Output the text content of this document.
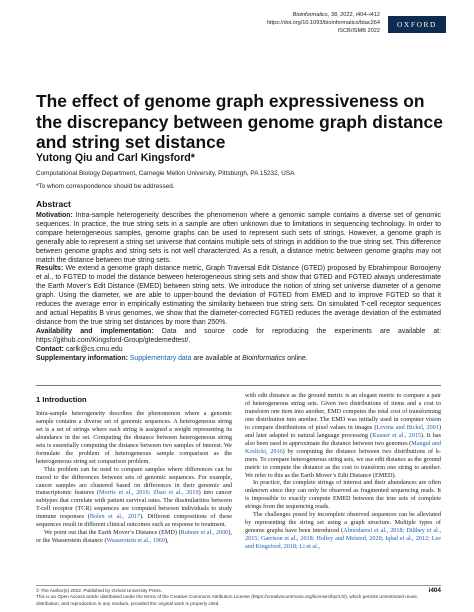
Bioinformatics, 38, 2022, i404–i412
https://doi.org/10.1093/bioinformatics/btac264
ISCB/ISMB 2022
OXFORD
The effect of genome graph expressiveness on the discrepancy between genome graph distance and string set distance
Yutong Qiu and Carl Kingsford*
Computational Biology Department, Carnegie Mellon University, Pittsburgh, PA 15232, USA
*To whom correspondence should be addressed.
Abstract

Motivation: Intra-sample heterogeneity describes the phenomenon where a genomic sample contains a diverse set of genomic sequences. In practice, the true string sets in a sample are often unknown due to limitations in sequencing technology. In order to compare heterogeneous samples, genome graphs can be used to represent such sets of strings. However, a genome graph is generally able to represent a string set universe that contains multiple sets of strings in addition to the true string set. This difference between genome graphs and string sets is not well characterized. As a result, a distance metric between genome graphs may not match the distance between true string sets.

Results: We extend a genome graph distance metric, Graph Traversal Edit Distance (GTED) proposed by Ebrahimpour Boroojeny et al., to FGTED to model the distance between heterogeneous string sets and show that GTED and FGTED always underestimate the Earth Mover’s Edit Distance (EMED) between string sets. We introduce the notion of string set universe diameter of a genome graph. Using the diameter, we are able to upper-bound the deviation of FGTED from EMED and to improve FGTED so that it reduces the average error in empirically estimating the similarity between true string sets. On simulated T-cell receptor sequences and actual Hepatitis B virus genomes, we show that the diameter-corrected FGTED reduces the average deviation of the estimated distance from the true string set distances by more than 250%.

Availability and implementation: Data and source code for reproducing the experiments are available at: https://github.com/Kingsford-Group/gtedemedtest/.

Contact: carlk@cs.cmu.edu

Supplementary information: Supplementary data are available at Bioinformatics online.

1 Introduction

Intra-sample heterogeneity describes the phenomenon where a genomic sample contains a diverse set of genomic sequences. A heterogeneous string set is a set of strings where each string is assigned a weight representing its abundance in the set. Computing the distance between heterogeneous string sets is essentially computing the distance between two samples of interest. We formulate the problem of heterogeneous sample comparison as the heterogeneous string set comparison problem.

This problem can be used to compare samples where differences can be traced to the differences between sets of genomic sequences. For example, cancer samples are clustered based on differences in their genomic and transcriptomic features (Morris et al., 2016; Zhao et al., 2019) into cancer subtypes that correlate with patient survival rates. The dissimilarities between T-cell receptor (TCR) sequences are computed between individuals to study immune responses (Bolen et al., 2017). Different compositions of these sequences result in different clinical outcomes such as response to treatment.

We point out that the Earth Mover’s Distance (EMD) (Rubner et al., 2000), or the Wasserstein distance (Wasserstein et al., 1969),

with edit distance as the ground metric is an elegant metric to compare a pair of heterogeneous string sets. Given two distributions of items and a cost to transform one item into another, EMD computes the total cost of transforming one distribution into another. The EMD was initially used in computer vision to compare distributions of pixel values in images (Levina and Bickel, 2001) and later adapted to natural language processing (Kusner et al., 2015). It has also been used to approximate the distance between two genomes (Mangul and Koslicki, 2016) by computing the distance between two distributions of k-mers. To compare heterogeneous string sets, we use edit distance as the ground metric to compute the distance as the cost to transform one string to another. We refer to this as the Earth Mover’s Edit Distance (EMED).

In practice, the complete strings of interest and their abundances are often unknown since they can only be observed as fragmented sequencing reads. It is impossible to exactly compute EMED between the true sets of complete strings from the sequencing reads.

The challenges posed by incomplete observed sequences can be alleviated by representing the string set using a graph structure. Multiple types of genome graphs have been introduced (Almodaresi et al., 2018; Dilthey et al., 2015; Garrison et al., 2018; Holley and Melsted, 2020; Iqbal et al., 2012; Lee and Kingsford, 2018; Li et al.,

© The Author(s) 2022. Published by Oxford University Press.
This is an Open Access article distributed under the terms of the Creative Commons Attribution License (https://creativecommons.org/licenses/by/4.0/), which permits unrestricted reuse, distribution, and reproduction in any medium, provided the original work is properly cited.
i404
